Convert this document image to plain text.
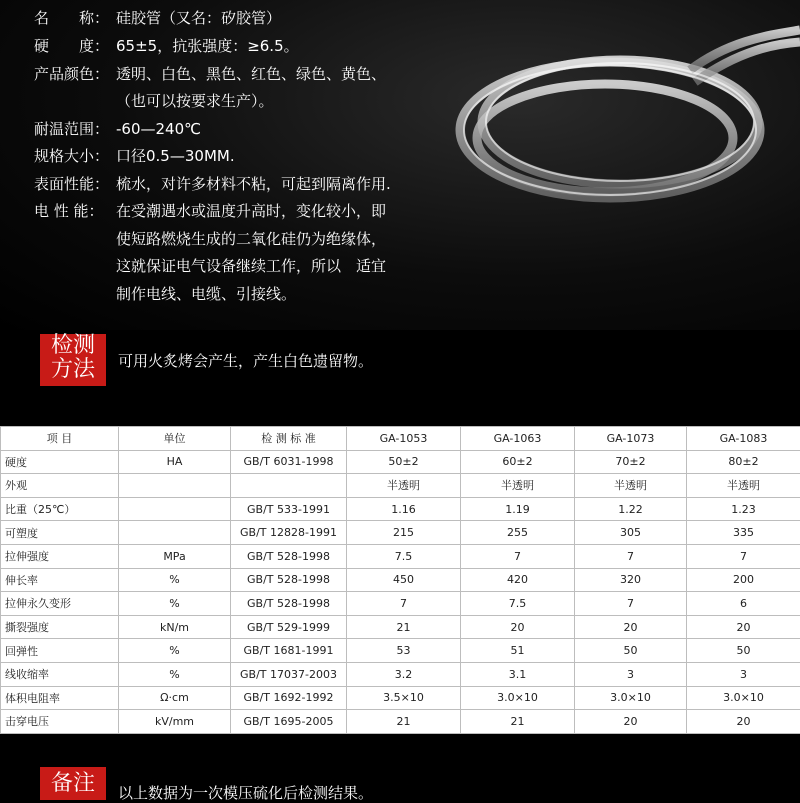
名　　称： 硅胶管（又名：矽胶管）
硬　　度： 65±5，抗张强度：≥6.5。
产品颜色： 透明、白色、黑色、红色、绿色、黄色、
（也可以按要求生产）。
耐温范围： -60—240℃
规格大小： 口径0.5—30MM.
表面性能： 梳水，对许多材料不粘，可起到隔离作用.
电 性 能： 在受潮遇水或温度升高时，变化较小，即
使短路燃烧生成的二氧化硅仍为绝缘体，
这就保证电气设备继续工作，所以　适宜
制作电线、电缆、引接线。
检测
方法	可用火炙烤会产生，产生白色遗留物。
项 目	单位	检 测 标 准	GA-1053	GA-1063	GA-1073	GA-1083
硬度	HA	GB/T 6031-1998	50±2	60±2	70±2	80±2
外观			半透明	半透明	半透明	半透明
比重（25℃）		GB/T 533-1991	1.16	1.19	1.22	1.23
可塑度		GB/T 12828-1991	215	255	305	335
拉伸强度	MPa	GB/T 528-1998	7.5	7	7	7
伸长率	%	GB/T 528-1998	450	420	320	200
拉伸永久变形	%	GB/T 528-1998	7	7.5	7	6
撕裂强度	kN/m	GB/T 529-1999	21	20	20	20
回弹性	%	GB/T 1681-1991	53	51	50	50
线收缩率	%	GB/T 17037-2003	3.2	3.1	3	3
体积电阻率	Ω·cm	GB/T 1692-1992	3.5×10	3.0×10	3.0×10	3.0×10
击穿电压	kV/mm	GB/T 1695-2005	21	21	20	20
备注	以上数据为一次模压硫化后检测结果。
